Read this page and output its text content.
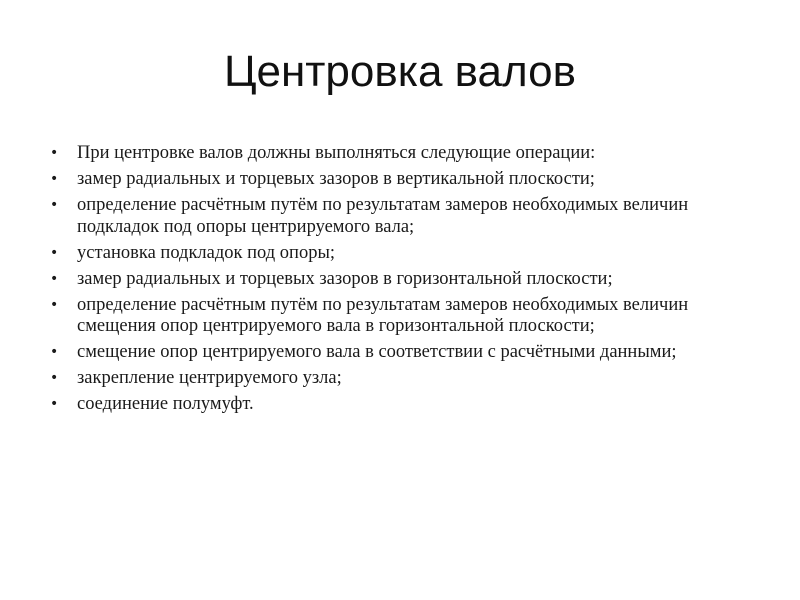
Центровка валов
• При центровке валов должны выполняться следующие операции:
• замер радиальных и торцевых зазоров в вертикальной плоскости;
• определение расчётным путём по результатам замеров необходимых величин подкладок под опоры центрируемого вала;
• установка подкладок под опоры;
• замер радиальных и торцевых зазоров в горизонтальной плоскости;
• определение расчётным путём по результатам замеров необходимых величин смещения опор центрируемого вала в горизонтальной плоскости;
• смещение опор центрируемого вала в соответствии с расчётными данными;
• закрепление центрируемого узла;
• соединение полумуфт.
